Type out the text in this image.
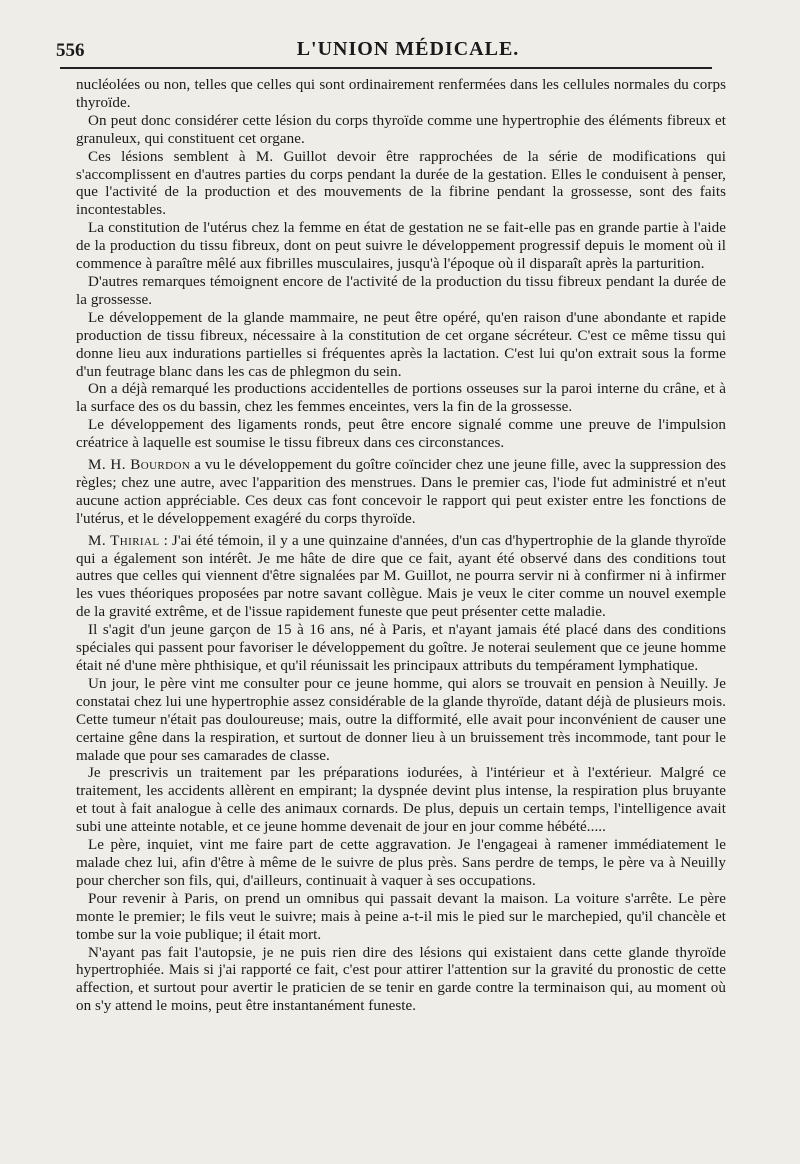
556	L'UNION MÉDICALE.

nucléolées ou non, telles que celles qui sont ordinairement renfermées dans les cellules normales du corps thyroïde.

On peut donc considérer cette lésion du corps thyroïde comme une hypertrophie des éléments fibreux et granuleux, qui constituent cet organe.

Ces lésions semblent à M. Guillot devoir être rapprochées de la série de modifications qui s'accomplissent en d'autres parties du corps pendant la durée de la gestation. Elles le conduisent à penser, que l'activité de la production et des mouvements de la fibrine pendant la grossesse, sont des faits incontestables.

La constitution de l'utérus chez la femme en état de gestation ne se fait-elle pas en grande partie à l'aide de la production du tissu fibreux, dont on peut suivre le développement progressif depuis le moment où il commence à paraître mêlé aux fibrilles musculaires, jusqu'à l'époque où il disparaît après la parturition.

D'autres remarques témoignent encore de l'activité de la production du tissu fibreux pendant la durée de la grossesse.

Le développement de la glande mammaire, ne peut être opéré, qu'en raison d'une abondante et rapide production de tissu fibreux, nécessaire à la constitution de cet organe sécréteur. C'est ce même tissu qui donne lieu aux indurations partielles si fréquentes après la lactation. C'est lui qu'on extrait sous la forme d'un feutrage blanc dans les cas de phlegmon du sein.

On a déjà remarqué les productions accidentelles de portions osseuses sur la paroi interne du crâne, et à la surface des os du bassin, chez les femmes enceintes, vers la fin de la grossesse.

Le développement des ligaments ronds, peut être encore signalé comme une preuve de l'impulsion créatrice à laquelle est soumise le tissu fibreux dans ces circonstances.

M. H. Bourdon a vu le développement du goître coïncider chez une jeune fille, avec la suppression des règles; chez une autre, avec l'apparition des menstrues. Dans le premier cas, l'iode fut administré et n'eut aucune action appréciable. Ces deux cas font concevoir le rapport qui peut exister entre les fonctions de l'utérus, et le développement exagéré du corps thyroïde.

M. Thirial : J'ai été témoin, il y a une quinzaine d'années, d'un cas d'hypertrophie de la glande thyroïde qui a également son intérêt. Je me hâte de dire que ce fait, ayant été observé dans des conditions tout autres que celles qui viennent d'être signalées par M. Guillot, ne pourra servir ni à confirmer ni à infirmer les vues théoriques proposées par notre savant collègue. Mais je veux le citer comme un nouvel exemple de la gravité extrême, et de l'issue rapidement funeste que peut présenter cette maladie.

Il s'agit d'un jeune garçon de 15 à 16 ans, né à Paris, et n'ayant jamais été placé dans des conditions spéciales qui passent pour favoriser le développement du goître. Je noterai seulement que ce jeune homme était né d'une mère phthisique, et qu'il réunissait les principaux attributs du tempérament lymphatique.

Un jour, le père vint me consulter pour ce jeune homme, qui alors se trouvait en pension à Neuilly. Je constatai chez lui une hypertrophie assez considérable de la glande thyroïde, datant déjà de plusieurs mois. Cette tumeur n'était pas douloureuse; mais, outre la difformité, elle avait pour inconvénient de causer une certaine gêne dans la respiration, et surtout de donner lieu à un bruissement très incommode, tant pour le malade que pour ses camarades de classe.

Je prescrivis un traitement par les préparations iodurées, à l'intérieur et à l'extérieur. Malgré ce traitement, les accidents allèrent en empirant; la dyspnée devint plus intense, la respiration plus bruyante et tout à fait analogue à celle des animaux cornards. De plus, depuis un certain temps, l'intelligence avait subi une atteinte notable, et ce jeune homme devenait de jour en jour comme hébété.....

Le père, inquiet, vint me faire part de cette aggravation. Je l'engageai à ramener immédiatement le malade chez lui, afin d'être à même de le suivre de plus près. Sans perdre de temps, le père va à Neuilly pour chercher son fils, qui, d'ailleurs, continuait à vaquer à ses occupations.

Pour revenir à Paris, on prend un omnibus qui passait devant la maison. La voiture s'arrête. Le père monte le premier; le fils veut le suivre; mais à peine a-t-il mis le pied sur le marchepied, qu'il chancèle et tombe sur la voie publique; il était mort.

N'ayant pas fait l'autopsie, je ne puis rien dire des lésions qui existaient dans cette glande thyroïde hypertrophiée. Mais si j'ai rapporté ce fait, c'est pour attirer l'attention sur la gravité du pronostic de cette affection, et surtout pour avertir le praticien de se tenir en garde contre la terminaison qui, au moment où on s'y attend le moins, peut être instantanément funeste.
